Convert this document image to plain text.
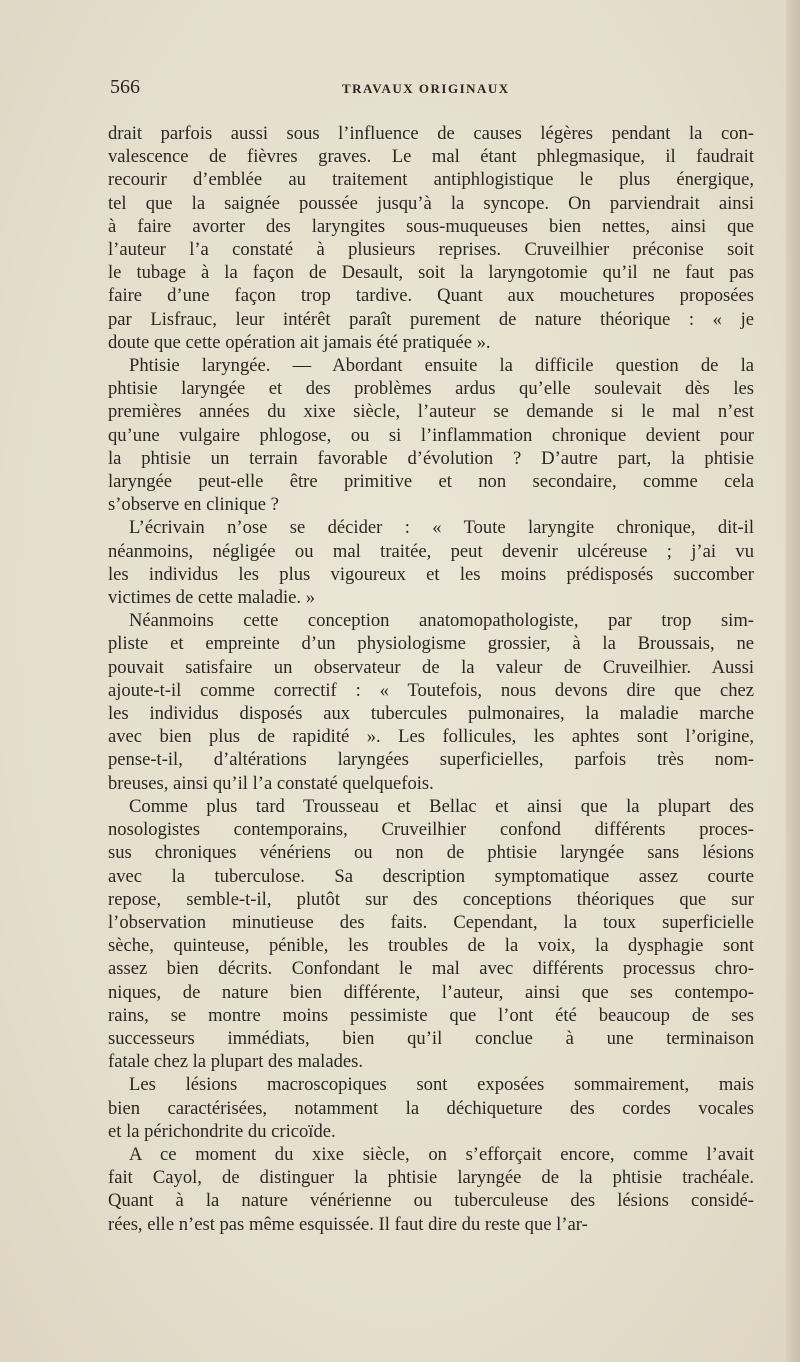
566	TRAVAUX ORIGINAUX
drait parfois aussi sous l’influence de causes légères pendant la con-
valescence de fièvres graves. Le mal étant phlegmasique, il faudrait
recourir d’emblée au traitement antiphlogistique le plus énergique,
tel que la saignée poussée jusqu’à la syncope. On parviendrait ainsi
à faire avorter des laryngites sous-muqueuses bien nettes, ainsi que
l’auteur l’a constaté à plusieurs reprises. Cruveilhier préconise soit
le tubage à la façon de Desault, soit la laryngotomie qu’il ne faut pas
faire d’une façon trop tardive. Quant aux mouchetures proposées
par Lisfrauc, leur intérêt paraît purement de nature théorique : « je
doute que cette opération ait jamais été pratiquée ».
Phtisie laryngée. — Abordant ensuite la difficile question de la
phtisie laryngée et des problèmes ardus qu’elle soulevait dès les
premières années du xixe siècle, l’auteur se demande si le mal n’est
qu’une vulgaire phlogose, ou si l’inflammation chronique devient pour
la phtisie un terrain favorable d’évolution ? D’autre part, la phtisie
laryngée peut-elle être primitive et non secondaire, comme cela
s’observe en clinique ?
L’écrivain n’ose se décider : « Toute laryngite chronique, dit-il
néanmoins, négligée ou mal traitée, peut devenir ulcéreuse ; j’ai vu
les individus les plus vigoureux et les moins prédisposés succomber
victimes de cette maladie. »
Néanmoins cette conception anatomopathologiste, par trop sim-
pliste et empreinte d’un physiologisme grossier, à la Broussais, ne
pouvait satisfaire un observateur de la valeur de Cruveilhier. Aussi
ajoute-t-il comme correctif : « Toutefois, nous devons dire que chez
les individus disposés aux tubercules pulmonaires, la maladie marche
avec bien plus de rapidité ». Les follicules, les aphtes sont l’origine,
pense-t-il, d’altérations laryngées superficielles, parfois très nom-
breuses, ainsi qu’il l’a constaté quelquefois.
Comme plus tard Trousseau et Bellac et ainsi que la plupart des
nosologistes contemporains, Cruveilhier confond différents proces-
sus chroniques vénériens ou non de phtisie laryngée sans lésions
avec la tuberculose. Sa description symptomatique assez courte
repose, semble-t-il, plutôt sur des conceptions théoriques que sur
l’observation minutieuse des faits. Cependant, la toux superficielle
sèche, quinteuse, pénible, les troubles de la voix, la dysphagie sont
assez bien décrits. Confondant le mal avec différents processus chro-
niques, de nature bien différente, l’auteur, ainsi que ses contempo-
rains, se montre moins pessimiste que l’ont été beaucoup de ses
successeurs immédiats, bien qu’il conclue à une terminaison
fatale chez la plupart des malades.
Les lésions macroscopiques sont exposées sommairement, mais
bien caractérisées, notamment la déchiqueture des cordes vocales
et la périchondrite du cricoïde.
A ce moment du xixe siècle, on s’efforçait encore, comme l’avait
fait Cayol, de distinguer la phtisie laryngée de la phtisie trachéale.
Quant à la nature vénérienne ou tuberculeuse des lésions considé-
rées, elle n’est pas même esquissée. Il faut dire du reste que l’ar-
